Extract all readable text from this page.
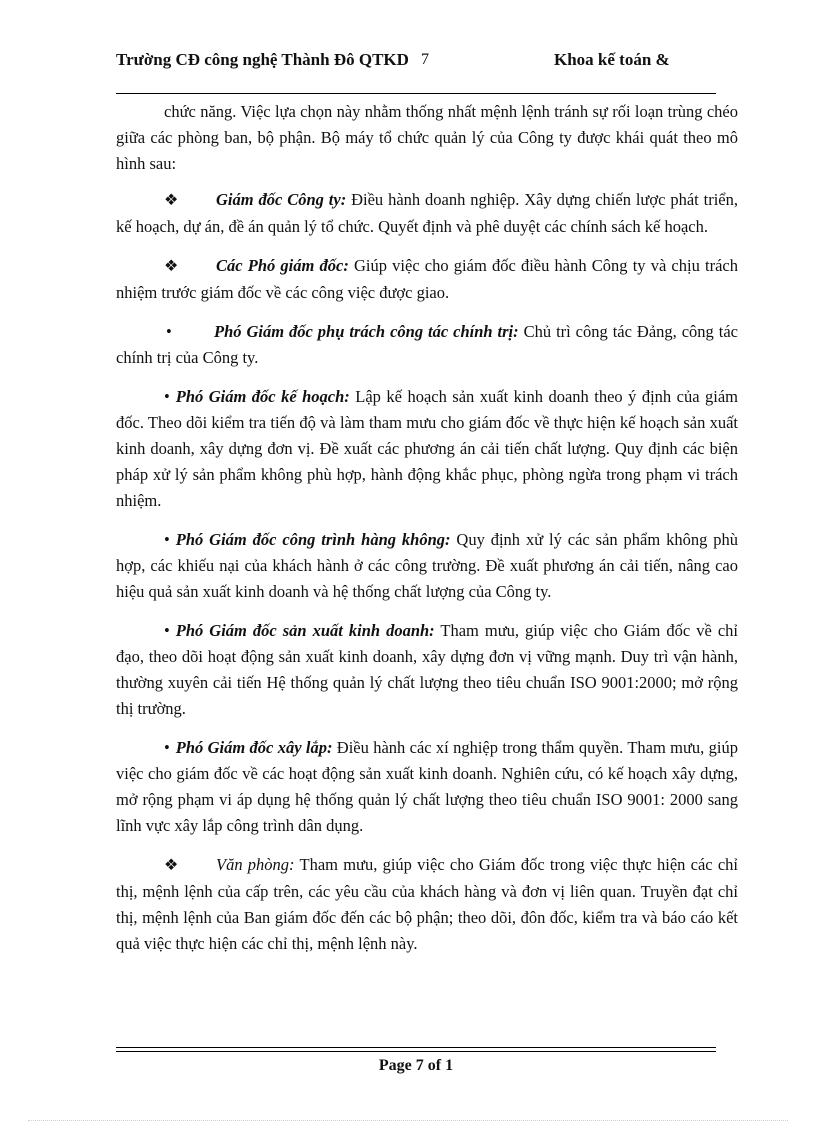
Trường CĐ công nghệ Thành Đô QTKD 7	Khoa kế toán &

chức năng. Việc lựa chọn này nhằm thống nhất mệnh lệnh tránh sự rối loạn trùng chéo giữa các phòng ban, bộ phận. Bộ máy tổ chức quản lý của Công ty được khái quát theo mô hình sau:

❖ Giám đốc Công ty: Điều hành doanh nghiệp. Xây dựng chiến lược phát triển, kế hoạch, dự án, đề án quản lý tổ chức. Quyết định và phê duyệt các chính sách kế hoạch.

❖ Các Phó giám đốc: Giúp việc cho giám đốc điều hành Công ty và chịu trách nhiệm trước giám đốc về các công việc được giao.

•	Phó Giám đốc phụ trách công tác chính trị: Chủ trì công tác Đảng, công tác chính trị của Công ty.

• Phó Giám đốc kế hoạch: Lập kế hoạch sản xuất kinh doanh theo ý định của giám đốc. Theo dõi kiểm tra tiến độ và làm tham mưu cho giám đốc về thực hiện kế hoạch sản xuất kinh doanh, xây dựng đơn vị. Đề xuất các phương án cải tiến chất lượng. Quy định các biện pháp xử lý sản phẩm không phù hợp, hành động khắc phục, phòng ngừa trong phạm vi trách nhiệm.

• Phó Giám đốc công trình hàng không: Quy định xử lý các sản phẩm không phù hợp, các khiếu nại của khách hành ở các công trường. Đề xuất phương án cải tiến, nâng cao hiệu quả sản xuất kinh doanh và hệ thống chất lượng của Công ty.

• Phó Giám đốc sản xuất kinh doanh: Tham mưu, giúp việc cho Giám đốc về chỉ đạo, theo dõi hoạt động sản xuất kinh doanh, xây dựng đơn vị vững mạnh. Duy trì vận hành, thường xuyên cải tiến Hệ thống quản lý chất lượng theo tiêu chuẩn ISO 9001:2000; mở rộng thị trường.

• Phó Giám đốc xây lắp: Điều hành các xí nghiệp trong thẩm quyền. Tham mưu, giúp việc cho giám đốc về các hoạt động sản xuất kinh doanh. Nghiên cứu, có kế hoạch xây dựng, mở rộng phạm vi áp dụng hệ thống quản lý chất lượng theo tiêu chuẩn ISO 9001: 2000 sang lĩnh vực xây lắp công trình dân dụng.

❖ Văn phòng: Tham mưu, giúp việc cho Giám đốc trong việc thực hiện các chỉ thị, mệnh lệnh của cấp trên, các yêu cầu của khách hàng và đơn vị liên quan. Truyền đạt chỉ thị, mệnh lệnh của Ban giám đốc đến các bộ phận; theo dõi, đôn đốc, kiểm tra và báo cáo kết quả việc thực hiện các chỉ thị, mệnh lệnh này.

Page 7 of 1
